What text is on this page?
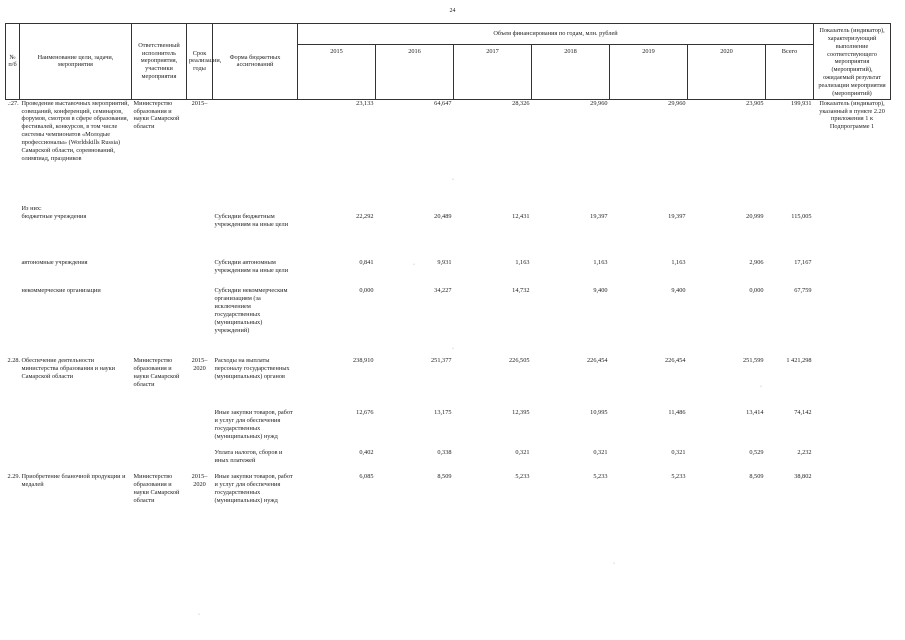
24
№ п/б	Наименование цели, задачи, мероприятия	Ответственный исполнитель мероприятия, участники мероприятия	Срок реализации, годы	Форма бюджетных ассигнований	Объем финансирования по годам, млн. рублей							Показатель (индикатор), характеризующий выполнение соответствующего мероприятия (мероприятий), ожидаемый результат реализации мероприятия (мероприятий)
					2015	2016	2017	2018	2019	2020	Всего	
.:27.	Проведение выставочных мероприятий, совещаний, конференций, семинаров, форумов, смотров в сфере образования, фестивалей, конкурсов, в том числе системы чемпионатов «Молодые профессионалы» (Worldskills Russia) Самарской области, соревнований, олимпиад, праздников	Министерство образования и науки Самарской области	2015–		23,133	64,647	28,326	29,960	29,960	23,905	199,931	Показатель (индикатор), указанный в пункте 2.20 приложения 1 к Подпрограмме 1
	Из них:											
	бюджетные учреждения			Субсидии бюджетным учреждениям на иные цели	22,292	20,489	12,431	19,397	19,397	20,999	115,005	
	автономные учреждения			Субсидии автономным учреждениям на иные цели	0,841	9,931	1,163	1,163	1,163	2,906	17,167	
	некоммерческие организации			Субсидии некоммерческим организациям (за исключением государственных (муниципальных) учреждений)	0,000	34,227	14,732	9,400	9,400	0,000	67,759	
2.28.	Обеспечение деятельности министерства образования и науки Самарской области	Министерство образования и науки Самарской области	2015–2020	Расходы на выплаты персоналу государственных (муниципальных) органов	238,910	251,377	226,505	226,454	226,454	251,599	1 421,298	
				Иные закупки товаров, работ и услуг для обеспечения государственных (муниципальных) нужд	12,676	13,175	12,395	10,995	11,486	13,414	74,142	
				Уплата налогов, сборов и иных платежей	0,402	0,338	0,321	0,321	0,321	0,529	2,232	
2.29.	Приобретение бланочной продукции и медалей	Министерство образования и науки Самарской области	2015–2020	Иные закупки товаров, работ и услуг для обеспечения государственных (муниципальных) нужд	6,085	8,509	5,233	5,233	5,233	8,509	38,802	
·
·
·
·
·
·
